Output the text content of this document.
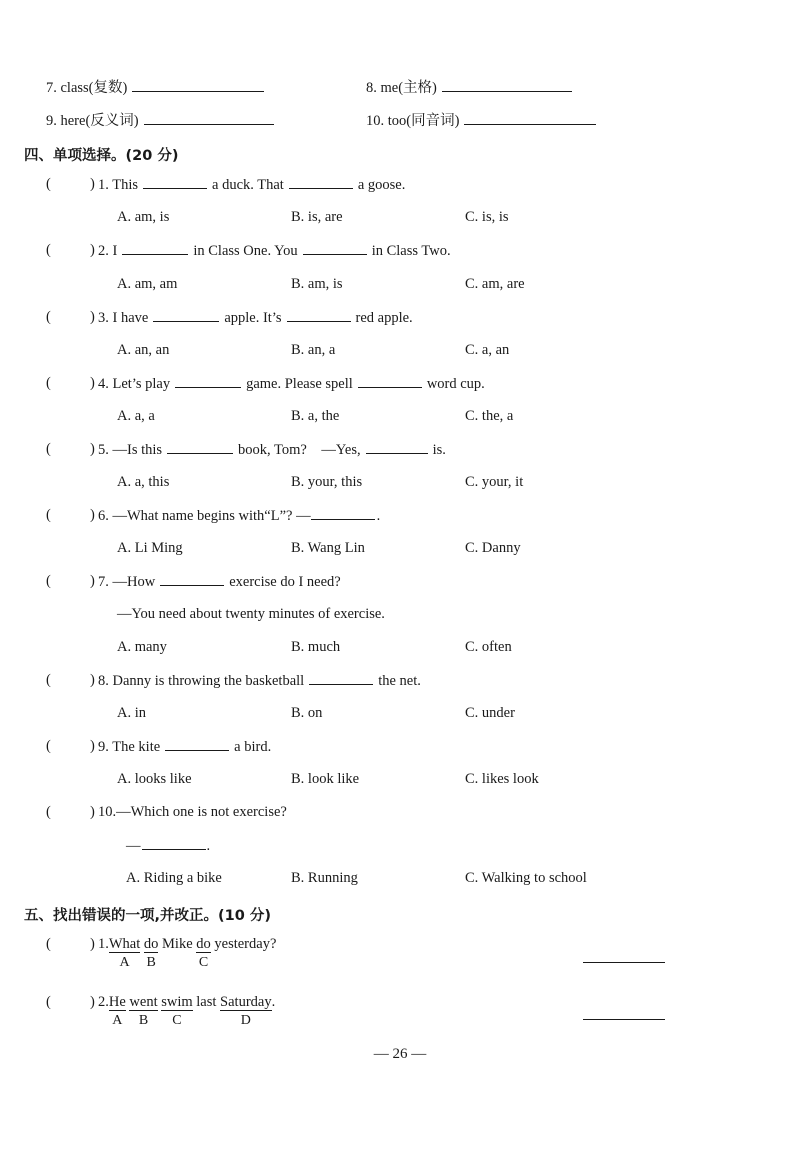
7. class(复数)	8. me(主格)
9. here(反义词)	10. too(同音词)
四、单项选择。(20 分)
(	) 1. This	a duck. That	a goose.
A. am, is	B. is, are	C. is, is
(	) 2. I	in Class One. You	in Class Two.
A. am, am	B. am, is	C. am, are
(	) 3. I have	apple. It’s	red apple.
A. an, an	B. an, a	C. a, an
(	) 4. Let’s play	game. Please spell	word cup.
A. a, a	B. a, the	C. the, a
(	) 5. —Is this	book, Tom? —Yes,	is.
A. a, this	B. your, this	C. your, it
(	) 6. —What name begins with“L”? —	.
A. Li Ming	B. Wang Lin	C. Danny
(	) 7. —How	exercise do I need?
—You need about twenty minutes of exercise.
A. many	B. much	C. often
(	) 8. Danny is throwing the basketball	the net.
A. in	B. on	C. under
(	) 9. The kite	a bird.
A. looks like	B. look like	C. likes look
(	) 10.—Which one is not exercise?
—	.
A. Riding a bike	B. Running	C. Walking to school
五、找出错误的一项,并改正。(10 分)
(	) 1.What
A
do
B
Mike do
C
yesterday?
(	) 2.He
A
went
B
swim
C
last Saturday
D
.
— 26 —
